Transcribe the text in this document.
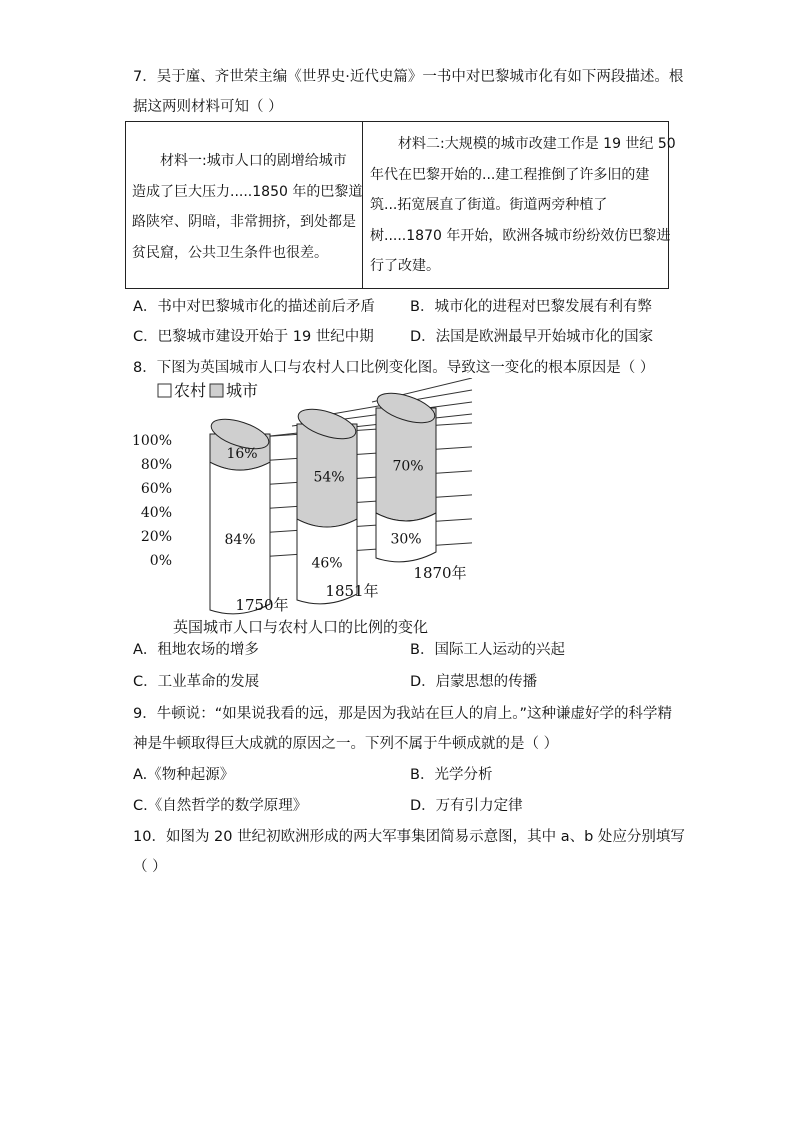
7．吴于廑、齐世荣主编《世界史·近代史篇》一书中对巴黎城市化有如下两段描述。根
据这两则材料可知（ ）
材料一:城市人口的剧增给城市
造成了巨大压力.....1850 年的巴黎道
路陕窄、阴暗，非常拥挤，到处都是
贫民窟，公共卫生条件也很差。
材料二:大规模的城市改建工作是 19 世纪 50
年代在巴黎开始的...建工程推倒了许多旧的建
筑...拓宽展直了街道。街道两旁种植了
树.....1870 年开始，欧洲各城市纷纷效仿巴黎进
行了改建。
A．书中对巴黎城市化的描述前后矛盾 B．城市化的进程对巴黎发展有利有弊
C．巴黎城市建设开始于 19 世纪中期 D．法国是欧洲最早开始城市化的国家
8．下图为英国城市人口与农村人口比例变化图。导致这一变化的根本原因是（ ）
农村 城市
0%
20%
40%
60%
80%
100%
16%
84%
1750年
54%
46%
1851年
70%
30%
1870年
英国城市人口与农村人口的比例的变化
A．租地农场的增多	B．国际工人运动的兴起
C．工业革命的发展	D．启蒙思想的传播
9．牛顿说：“如果说我看的远，那是因为我站在巨人的肩上。”这种谦虚好学的科学精
神是牛顿取得巨大成就的原因之一。下列不属于牛顿成就的是（ ）
A.《物种起源》	B．光学分析
C.《自然哲学的数学原理》	D．万有引力定律
10．如图为 20 世纪初欧洲形成的两大军事集团简易示意图，其中 a、b 处应分别填写
（ ）
